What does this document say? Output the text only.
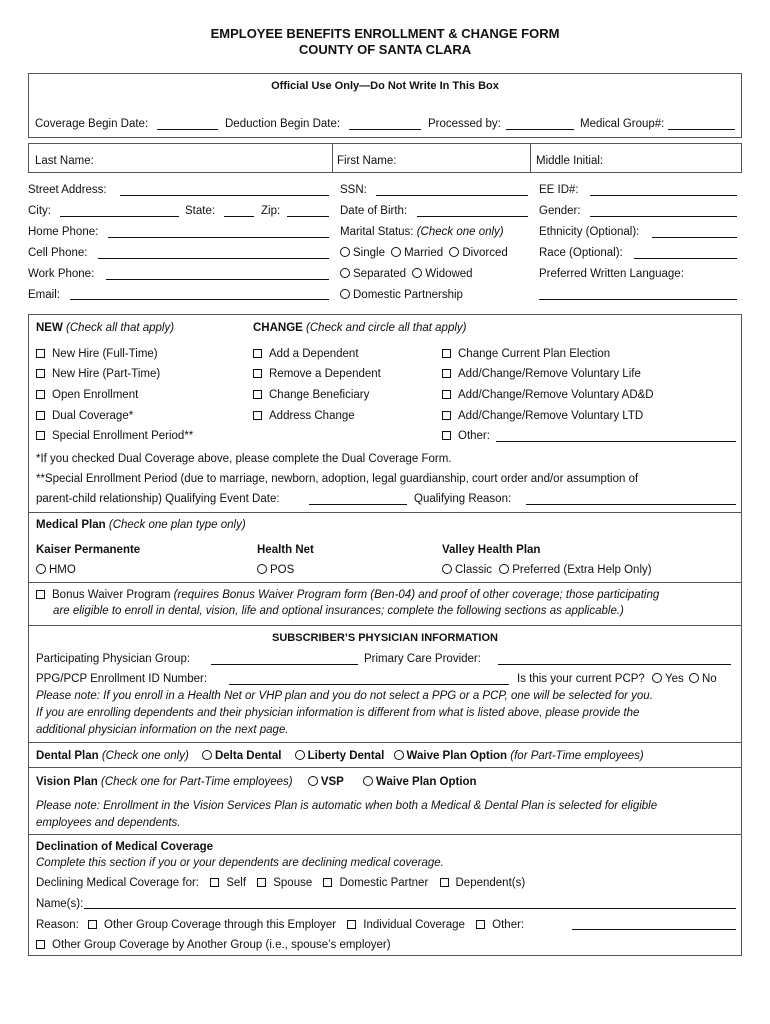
EMPLOYEE BENEFITS ENROLLMENT & CHANGE FORM
COUNTY OF SANTA CLARA
Official Use Only—Do Not Write In This Box
Coverage Begin Date:	Deduction Begin Date:	Processed by:	Medical Group#:
Last Name:	First Name:	Middle Initial:
Street Address:	SSN:	EE ID#:
City:	State:	Zip:	Date of Birth:	Gender:
Home Phone:	Marital Status: (Check one only)	Ethnicity (Optional):
Cell Phone:	Single Married Divorced	Race (Optional):
Work Phone:	Separated Widowed	Preferred Written Language:
Email:	Domestic Partnership
NEW (Check all that apply)	CHANGE (Check and circle all that apply)
New Hire (Full-Time)
New Hire (Part-Time)
Open Enrollment
Dual Coverage*
Special Enrollment Period**
Add a Dependent
Remove a Dependent
Change Beneficiary
Address Change
Change Current Plan Election
Add/Change/Remove Voluntary Life
Add/Change/Remove Voluntary AD&D
Add/Change/Remove Voluntary LTD
Other:
*If you checked Dual Coverage above, please complete the Dual Coverage Form.
**Special Enrollment Period (due to marriage, newborn, adoption, legal guardianship, court order and/or assumption of
parent-child relationship) Qualifying Event Date:	Qualifying Reason:
Medical Plan (Check one plan type only)
Kaiser Permanente	Health Net	Valley Health Plan
HMO	POS	Classic Preferred (Extra Help Only)
Bonus Waiver Program (requires Bonus Waiver Program form (Ben-04) and proof of other coverage; those participating
are eligible to enroll in dental, vision, life and optional insurances; complete the following sections as applicable.)
SUBSCRIBER’S PHYSICIAN INFORMATION
Participating Physician Group:	Primary Care Provider:
PPG/PCP Enrollment ID Number:	Is this your current PCP? Yes No
Please note: If you enroll in a Health Net or VHP plan and you do not select a PPG or a PCP, one will be selected for you.
If you are enrolling dependents and their physician information is different from what is listed above, please provide the
additional physician information on the next page.
Dental Plan (Check one only) Delta Dental Liberty Dental Waive Plan Option (for Part-Time employees)
Vision Plan (Check one for Part-Time employees) VSP	Waive Plan Option
Please note: Enrollment in the Vision Services Plan is automatic when both a Medical & Dental Plan is selected for eligible
employees and dependents.
Declination of Medical Coverage
Complete this section if you or your dependents are declining medical coverage.
Declining Medical Coverage for: Self Spouse Domestic Partner Dependent(s)
Name(s):
Reason: Other Group Coverage through this Employer Individual Coverage Other:
Other Group Coverage by Another Group (i.e., spouse’s employer)
